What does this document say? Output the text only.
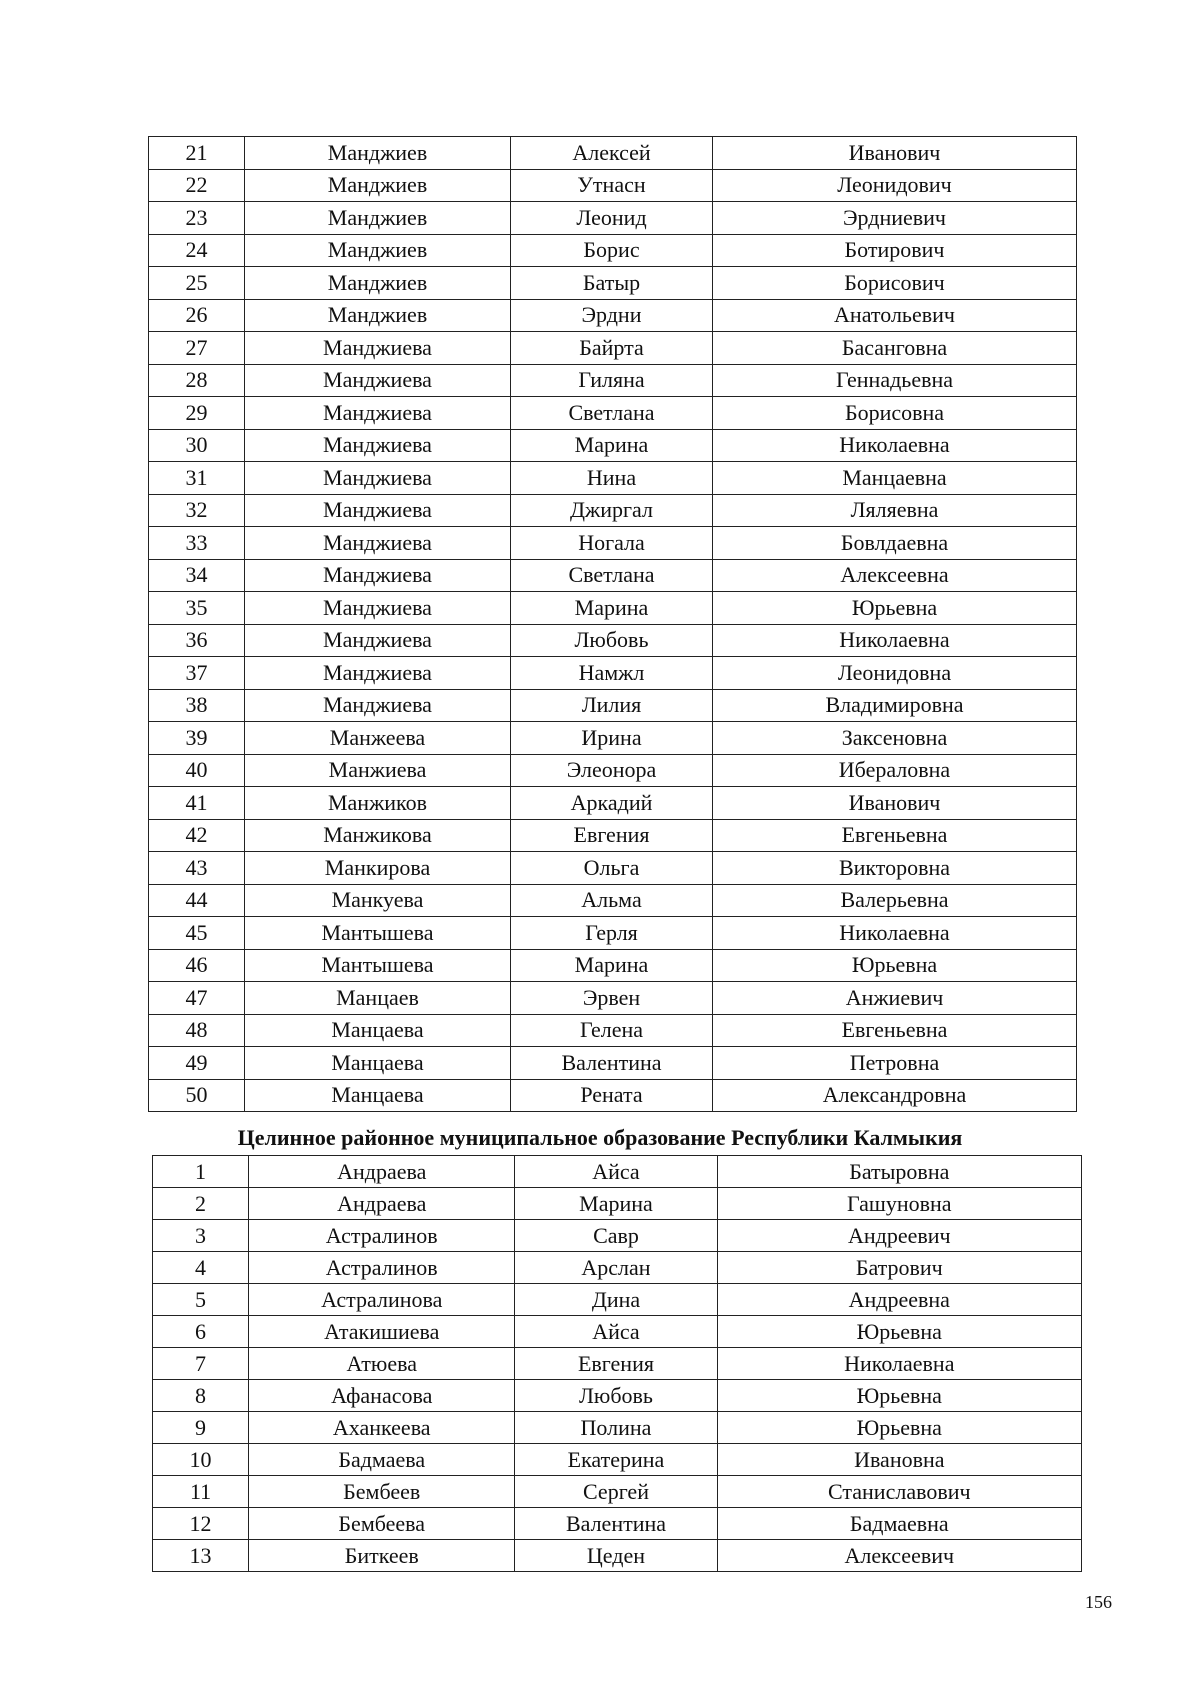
21	Манджиев	Алексей	Иванович
22	Манджиев	Утнасн	Леонидович
23	Манджиев	Леонид	Эрдниевич
24	Манджиев	Борис	Ботирович
25	Манджиев	Батыр	Борисович
26	Манджиев	Эрдни	Анатольевич
27	Манджиева	Байрта	Басанговна
28	Манджиева	Гиляна	Геннадьевна
29	Манджиева	Светлана	Борисовна
30	Манджиева	Марина	Николаевна
31	Манджиева	Нина	Манцаевна
32	Манджиева	Джиргал	Ляляевна
33	Манджиева	Ногала	Бовлдаевна
34	Манджиева	Светлана	Алексеевна
35	Манджиева	Марина	Юрьевна
36	Манджиева	Любовь	Николаевна
37	Манджиева	Намжл	Леонидовна
38	Манджиева	Лилия	Владимировна
39	Манжеева	Ирина	Заксеновна
40	Манжиева	Элеонора	Ибераловна
41	Манжиков	Аркадий	Иванович
42	Манжикова	Евгения	Евгеньевна
43	Манкирова	Ольга	Викторовна
44	Манкуева	Альма	Валерьевна
45	Мантышева	Герля	Николаевна
46	Мантышева	Марина	Юрьевна
47	Манцаев	Эрвен	Анжиевич
48	Манцаева	Гелена	Евгеньевна
49	Манцаева	Валентина	Петровна
50	Манцаева	Рената	Александровна
Целинное районное муниципальное образование Республики Калмыкия
1	Андраева	Айса	Батыровна
2	Андраева	Марина	Гашуновна
3	Астралинов	Савр	Андреевич
4	Астралинов	Арслан	Батрович
5	Астралинова	Дина	Андреевна
6	Атакишиева	Айса	Юрьевна
7	Атюева	Евгения	Николаевна
8	Афанасова	Любовь	Юрьевна
9	Аханкеева	Полина	Юрьевна
10	Бадмаева	Екатерина	Ивановна
11	Бембеев	Сергей	Станиславович
12	Бембеева	Валентина	Бадмаевна
13	Биткеев	Цеден	Алексеевич
156
